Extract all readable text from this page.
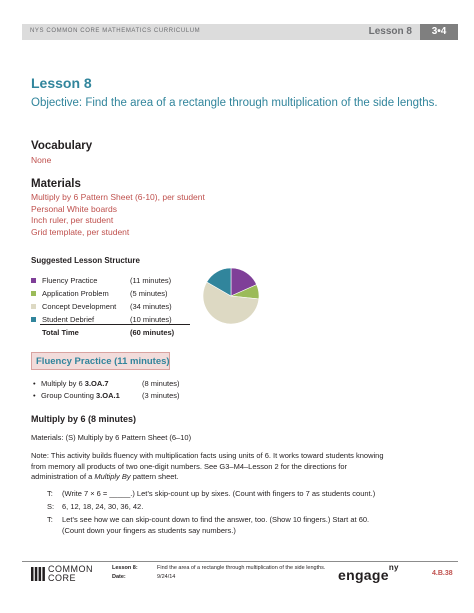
NYS COMMON CORE MATHEMATICS CURRICULUM	Lesson 8	3•4
Lesson 8
Objective: Find the area of a rectangle through multiplication of the side lengths.
Vocabulary
None
Materials
Multiply by 6 Pattern Sheet (6-10), per student
Personal White boards
Inch ruler, per student
Grid template, per student
Suggested Lesson Structure
Fluency Practice	(11 minutes)
Application Problem	(5 minutes)
Concept Development (34 minutes)
Student Debrief	(10 minutes)
Total Time	(60 minutes)
Fluency Practice (11 minutes)
• Multiply by 6 3.OA.7	(8 minutes)
• Group Counting 3.OA.1	(3 minutes)
Multiply by 6 (8 minutes)
Materials: (S) Multiply by 6 Pattern Sheet (6–10)
Note: This activity builds fluency with multiplication facts using units of 6. It works toward students knowing
from memory all products of two one-digit numbers. See G3–M4–Lesson 2 for the directions for
administration of a Multiply By pattern sheet.
T: (Write 7 × 6 = _____.) Let’s skip-count up by sixes. (Count with fingers to 7 as students count.)
S: 6, 12, 18, 24, 30, 36, 42.
T: Let’s see how we can skip-count down to find the answer, too. (Show 10 fingers.) Start at 60.
(Count down your fingers as students say numbers.)
COMMON
CORE
Lesson 8:	Find the area of a rectangle through multiplication of the side lengths.
Date:	9/24/14	engage$^{ny}$
4.B.38
